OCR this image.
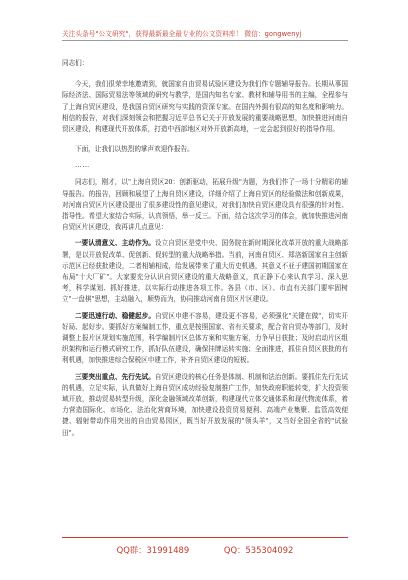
关注头条号"公文研究"，获得最新最全最专业的公文资料库！ 微信：gongwenyj

同志们：

今天，我们很荣幸地邀请到，就国家自由贸易试验区建设为我们作专题辅导报告。长期从事国际经济法、国际贸易法等领域的研究与教学，是国内知名专家、教材和辅导用书的主编，全程参与了上海自贸区建设，是我国自贸区研究与实践的资深专家。在国内外拥有很高的知名度和影响力。相信的报告，对我们深刻领会和把握习近平总书记关于开放发展的重要战略思想，加快推进河南自贸区建设，构建现代开放体系，打造中西部地区对外开放新高地，一定会起到很好的指导作用。

下面，让我们以热烈的掌声欢迎作报告。

……

同志们，刚才，以"上海自贸区20：创新驱动，拓展升级"为题，为我们作了一场十分精彩的辅导报告。的报告，回顾和展望了上海自贸区建设，详细介绍了上海自贸区的经验做法和创新成果，对河南自贸区片区建设提出了很多建设性的意见建议，对我们加快自贸区建设具有很强的针对性、指导性。希望大家结合实际，认真领悟，举一反三。下面，结合这次学习的体会，就加快推进河南自贸区片区建设，我再讲几点意见：

一要认清意义、主动作为。设立自贸区是党中央、国务院在新时期深化改革开放的重大战略部署，是以开放促改革、促创新、促转型的重大战略举措。当前，河南自贸区、郑洛新国家自主创新示范区已经获批建设，二者相辅相成，给发展带来了重大历史机遇，其意义不亚于建国初期国家在布局"十大厂矿"。大家要充分认识自贸区建设的重大战略意义，真正静下心来认真学习、深入思考，科学谋划、抓好推进，以实际行动推进各项工作。各县（市、区）、市直有关部门要牢固树立"一盘棋"思想，主动融入，顺势而为，协同推动河南自贸区片区建设。

二要迅速行动、稳健起步。自贸区申建不容易，建设更不容易，必须强化"关键在做"，切实开好局、起好步。要抓好方案编制工作，重点是按照国家、省有关要求，配合省自贸办等部门，及时调整上报片区规划实施范围，科学编制片区总体方案和实施方案，力争早日获批；及时启动片区组织架构和运行模式研究工作，抓好队伍建设，确保挂牌运转实施；全面推进，抓住自贸区获批的有利机遇，加快推进综合保税区申建工作，补齐自贸区建设的短板。

三要突出重点、先行先试。自贸区建设的核心任务是体制、机制和法治创新。要抓住先行先试的机遇，立足实际，认真做好上海自贸区成功经验复制推广工作，加快政府职能转变，扩大投资领域开放，推动贸易转型升级，深化金融领域改革创新，构建现代立体交通体系和现代物流体系，着力营造国际化、市场化、法治化营商环境，加快建设投资贸易便利、高端产业集聚、监管高效便捷、辐射带动作用突出的自由贸易园区，既当好开放发展的"领头羊"，又当好全国全省的"试验田"。

QQ群：31991489	QQ：535304092
